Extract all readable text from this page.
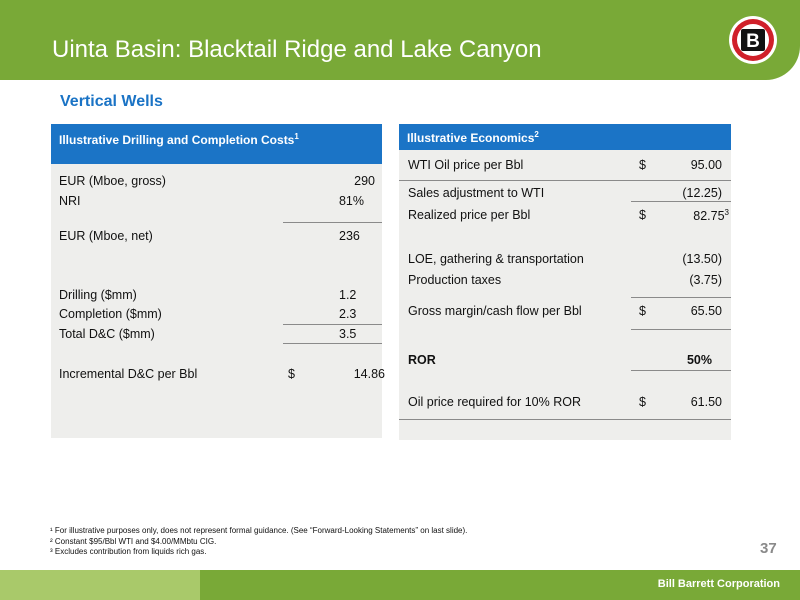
Uinta Basin: Blacktail Ridge and Lake Canyon	B
Vertical Wells
Illustrative Drilling and Completion Costs$^1$
EUR (Mboe, gross)	290
NRI	81%
EUR (Mboe, net)	236
Drilling ($mm)	1.2
Completion ($mm)	2.3
Total D&C ($mm)	3.5
Incremental D&C per Bbl	$	14.86
Illustrative Economics$^2$
WTI Oil price per Bbl	$	95.00
Sales adjustment to WTI	(12.25)
Realized price per Bbl	$	82.75$^3$
LOE, gathering & transportation	(13.50)
Production taxes	(3.75)
Gross margin/cash flow per Bbl	$	65.50
ROR	50%
Oil price required for 10% ROR	$	61.50
¹ For illustrative purposes only, does not represent formal guidance. (See “Forward-Looking Statements” on last slide).
² Constant $95/Bbl WTI and $4.00/MMbtu CIG.
³ Excludes contribution from liquids rich gas.	37
Bill Barrett Corporation
